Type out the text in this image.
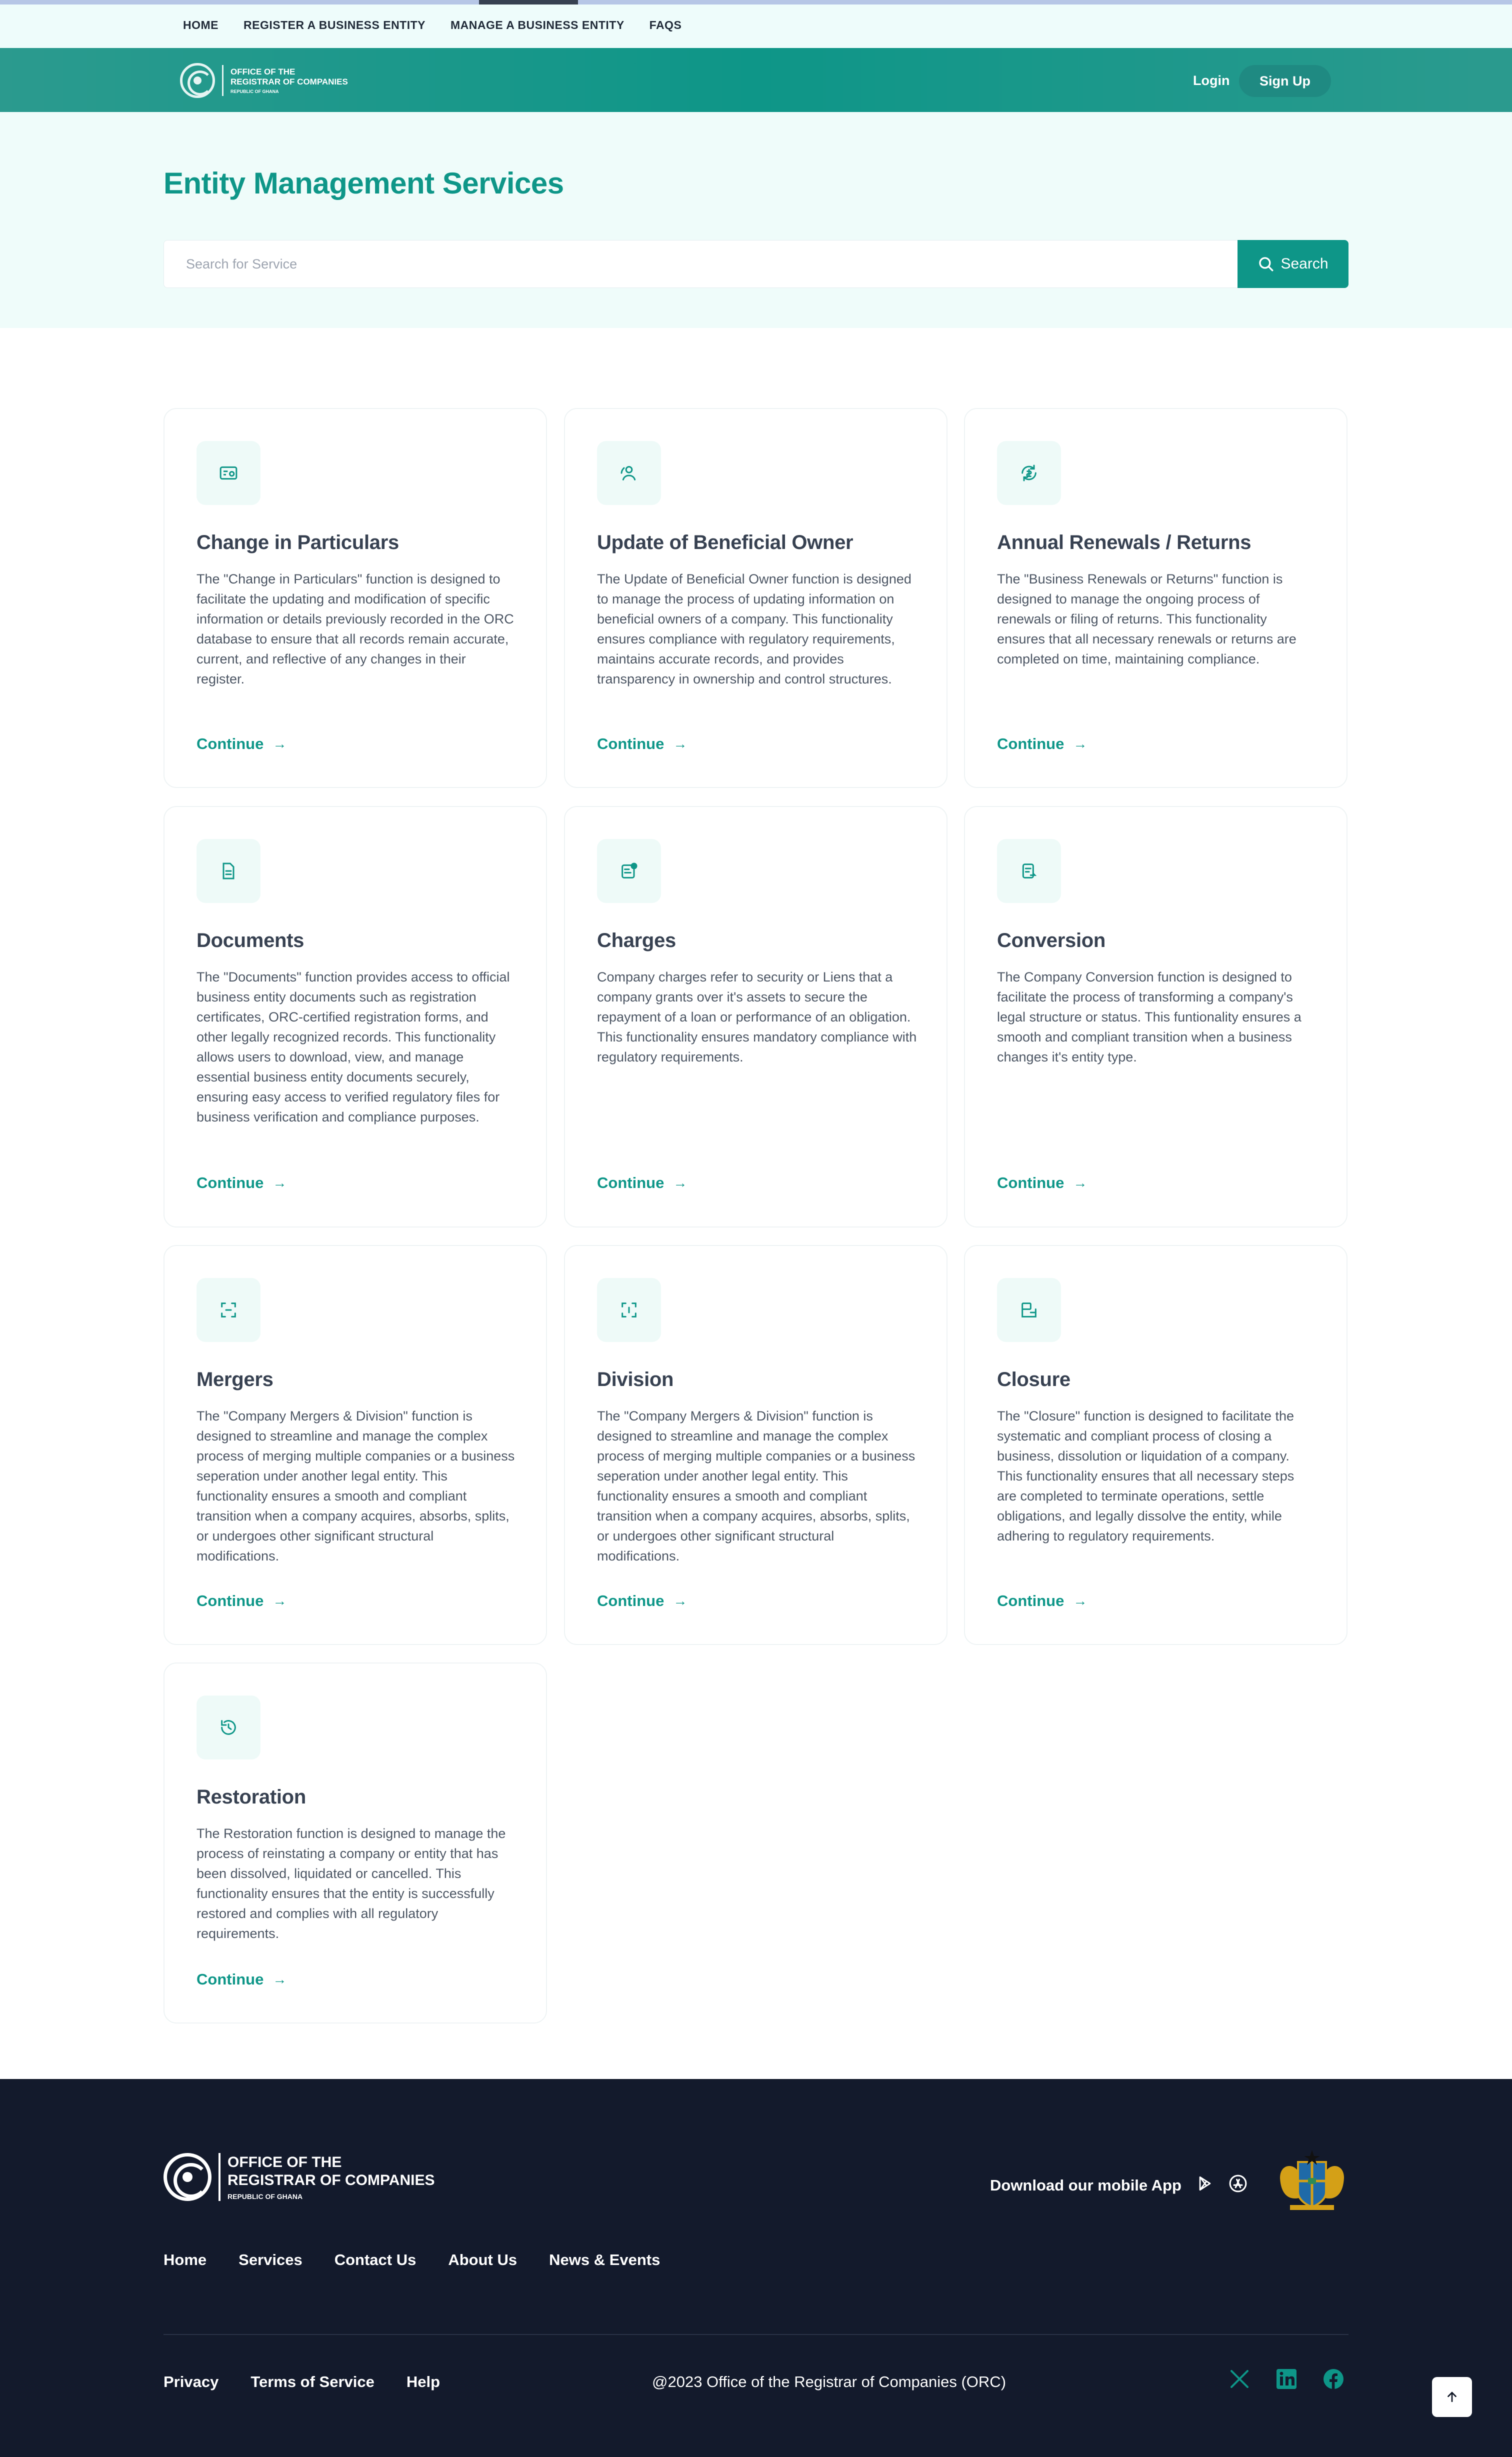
HOME REGISTER A BUSINESS ENTITY MANAGE A BUSINESS ENTITY FAQS
OFFICE OF THE
REGISTRAR OF COMPANIES
REPUBLIC OF GHANA
Login	Sign Up
Entity Management Services
Search for Service	Search
Change in Particulars

The "Change in Particulars" function is designed to facilitate the updating and modification of specific information or details previously recorded in the ORC database to ensure that all records remain accurate, current, and reflective of any changes in their register.

Continue →
Update of Beneficial Owner

The Update of Beneficial Owner function is designed to manage the process of updating information on beneficial owners of a company. This functionality ensures compliance with regulatory requirements, maintains accurate records, and provides transparency in ownership and control structures.

Continue →
Annual Renewals / Returns

The "Business Renewals or Returns" function is designed to manage the ongoing process of renewals or filing of returns. This functionality ensures that all necessary renewals or returns are completed on time, maintaining compliance.

Continue →
Documents

The "Documents" function provides access to official business entity documents such as registration certificates, ORC-certified registration forms, and other legally recognized records. This functionality allows users to download, view, and manage essential business entity documents securely, ensuring easy access to verified regulatory files for business verification and compliance purposes.

Continue →
Charges

Company charges refer to security or Liens that a company grants over it's assets to secure the repayment of a loan or performance of an obligation. This functionality ensures mandatory compliance with regulatory requirements.

Continue →
Conversion

The Company Conversion function is designed to facilitate the process of transforming a company's legal structure or status. This funtionality ensures a smooth and compliant transition when a business changes it's entity type.

Continue →
Mergers

The "Company Mergers & Division" function is designed to streamline and manage the complex process of merging multiple companies or a business seperation under another legal entity. This functionality ensures a smooth and compliant transition when a company acquires, absorbs, splits, or undergoes other significant structural modifications.

Continue →
Division

The "Company Mergers & Division" function is designed to streamline and manage the complex process of merging multiple companies or a business seperation under another legal entity. This functionality ensures a smooth and compliant transition when a company acquires, absorbs, splits, or undergoes other significant structural modifications.

Continue →
Closure

The "Closure" function is designed to facilitate the systematic and compliant process of closing a business, dissolution or liquidation of a company. This functionality ensures that all necessary steps are completed to terminate operations, settle obligations, and legally dissolve the entity, while adhering to regulatory requirements.

Continue →
Restoration

The Restoration function is designed to manage the process of reinstating a company or entity that has been dissolved, liquidated or cancelled. This functionality ensures that the entity is successfully restored and complies with all regulatory requirements.

Continue →
OFFICE OF THE
REGISTRAR OF COMPANIES
REPUBLIC OF GHANA
Download our mobile App
Home Services Contact Us About Us News & Events
Privacy Terms of Service Help	@2023 Office of the Registrar of Companies (ORC)
